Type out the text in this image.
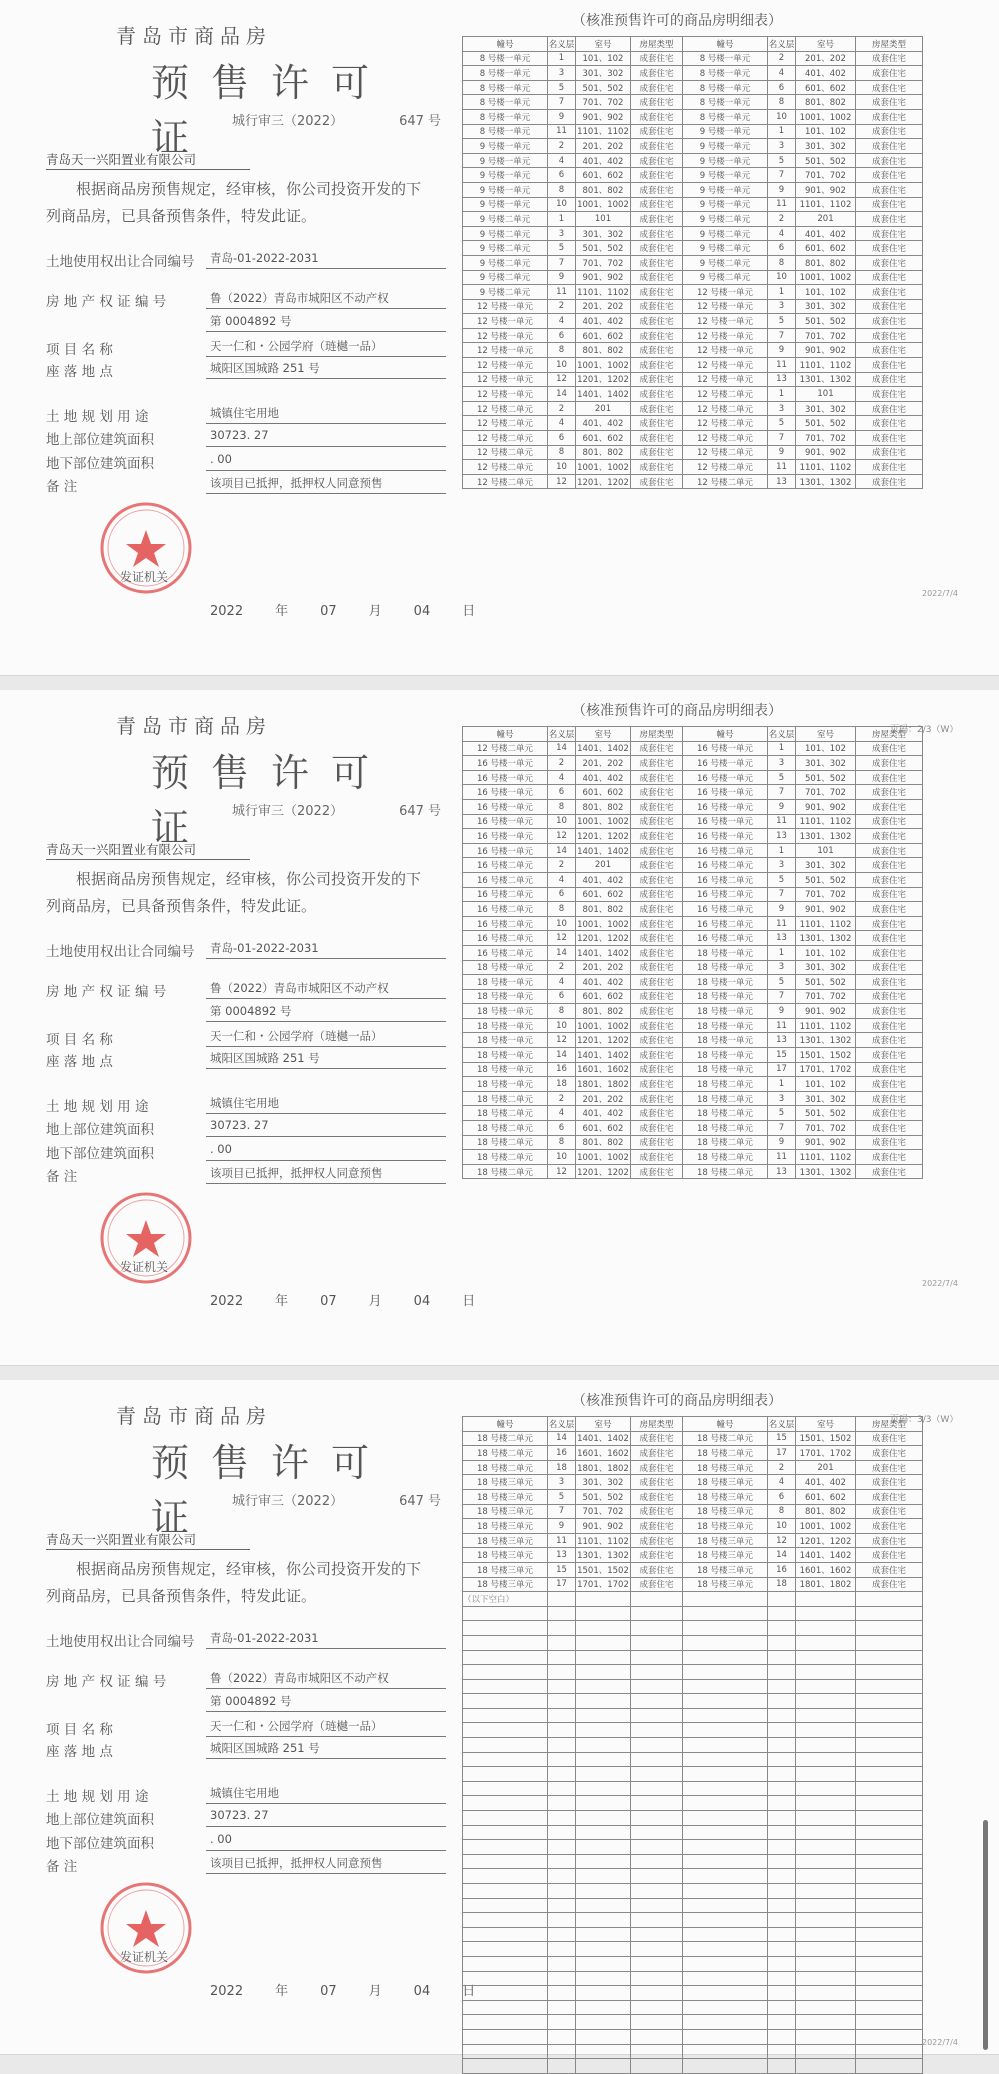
青岛市商品房
预售许可证	城行审三（2022）	647 号
青岛天一兴阳置业有限公司
根据商品房预售规定，经审核，你公司投资开发的下列商品房，已具备预售条件，特发此证。
土地使用权出让合同编号 青岛-01-2022-2031
房 地 产 权 证 编 号	鲁（2022）青岛市城阳区不动产权
第 0004892 号
项 目 名 称	天一仁和・公园学府（琏樾一品）
座 落 地 点	城阳区国城路 251 号
土 地 规 划 用 途	城镇住宅用地
地上部位建筑面积	30723. 27
地下部位建筑面积	. 00
备 注	该项目已抵押，抵押权人同意预售
发证机关
2022 年 07 月 04 日
（核准预售许可的商品房明细表）
幢号	名义层	室号	房屋类型	幢号	名义层	室号	房屋类型
8 号楼一单元	1	101、102	成套住宅	8 号楼一单元	2	201、202	成套住宅
8 号楼一单元	3	301、302	成套住宅	8 号楼一单元	4	401、402	成套住宅
8 号楼一单元	5	501、502	成套住宅	8 号楼一单元	6	601、602	成套住宅
8 号楼一单元	7	701、702	成套住宅	8 号楼一单元	8	801、802	成套住宅
8 号楼一单元	9	901、902	成套住宅	8 号楼一单元	10	1001、1002	成套住宅
8 号楼一单元	11	1101、1102	成套住宅	9 号楼一单元	1	101、102	成套住宅
9 号楼一单元	2	201、202	成套住宅	9 号楼一单元	3	301、302	成套住宅
9 号楼一单元	4	401、402	成套住宅	9 号楼一单元	5	501、502	成套住宅
9 号楼一单元	6	601、602	成套住宅	9 号楼一单元	7	701、702	成套住宅
9 号楼一单元	8	801、802	成套住宅	9 号楼一单元	9	901、902	成套住宅
9 号楼一单元	10	1001、1002	成套住宅	9 号楼一单元	11	1101、1102	成套住宅
9 号楼二单元	1	101	成套住宅	9 号楼二单元	2	201	成套住宅
9 号楼二单元	3	301、302	成套住宅	9 号楼二单元	4	401、402	成套住宅
9 号楼二单元	5	501、502	成套住宅	9 号楼二单元	6	601、602	成套住宅
9 号楼二单元	7	701、702	成套住宅	9 号楼二单元	8	801、802	成套住宅
9 号楼二单元	9	901、902	成套住宅	9 号楼二单元	10	1001、1002	成套住宅
9 号楼二单元	11	1101、1102	成套住宅	12 号楼一单元	1	101、102	成套住宅
12 号楼一单元	2	201、202	成套住宅	12 号楼一单元	3	301、302	成套住宅
12 号楼一单元	4	401、402	成套住宅	12 号楼一单元	5	501、502	成套住宅
12 号楼一单元	6	601、602	成套住宅	12 号楼一单元	7	701、702	成套住宅
12 号楼一单元	8	801、802	成套住宅	12 号楼一单元	9	901、902	成套住宅
12 号楼一单元	10	1001、1002	成套住宅	12 号楼一单元	11	1101、1102	成套住宅
12 号楼一单元	12	1201、1202	成套住宅	12 号楼一单元	13	1301、1302	成套住宅
12 号楼一单元	14	1401、1402	成套住宅	12 号楼二单元	1	101	成套住宅
12 号楼二单元	2	201	成套住宅	12 号楼二单元	3	301、302	成套住宅
12 号楼二单元	4	401、402	成套住宅	12 号楼二单元	5	501、502	成套住宅
12 号楼二单元	6	601、602	成套住宅	12 号楼二单元	7	701、702	成套住宅
12 号楼二单元	8	801、802	成套住宅	12 号楼二单元	9	901、902	成套住宅
12 号楼二单元	10	1001、1002	成套住宅	12 号楼二单元	11	1101、1102	成套住宅
12 号楼二单元	12	1201、1202	成套住宅	12 号楼二单元	13	1301、1302	成套住宅
2022/7/4
青岛市商品房
预售许可证	城行审三（2022）	647 号
青岛天一兴阳置业有限公司
根据商品房预售规定，经审核，你公司投资开发的下列商品房，已具备预售条件，特发此证。
土地使用权出让合同编号 青岛-01-2022-2031
房 地 产 权 证 编 号	鲁（2022）青岛市城阳区不动产权
第 0004892 号
项 目 名 称	天一仁和・公园学府（琏樾一品）
座 落 地 点	城阳区国城路 251 号
土 地 规 划 用 途	城镇住宅用地
地上部位建筑面积	30723. 27
地下部位建筑面积	. 00
备 注	该项目已抵押，抵押权人同意预售
发证机关
2022 年 07 月 04 日
（核准预售许可的商品房明细表）
页码：2/3（W）
幢号	名义层	室号	房屋类型	幢号	名义层	室号	房屋类型
12 号楼二单元	14	1401、1402	成套住宅	16 号楼一单元	1	101、102	成套住宅
16 号楼一单元	2	201、202	成套住宅	16 号楼一单元	3	301、302	成套住宅
16 号楼一单元	4	401、402	成套住宅	16 号楼一单元	5	501、502	成套住宅
16 号楼一单元	6	601、602	成套住宅	16 号楼一单元	7	701、702	成套住宅
16 号楼一单元	8	801、802	成套住宅	16 号楼一单元	9	901、902	成套住宅
16 号楼一单元	10	1001、1002	成套住宅	16 号楼一单元	11	1101、1102	成套住宅
16 号楼一单元	12	1201、1202	成套住宅	16 号楼一单元	13	1301、1302	成套住宅
16 号楼一单元	14	1401、1402	成套住宅	16 号楼二单元	1	101	成套住宅
16 号楼二单元	2	201	成套住宅	16 号楼二单元	3	301、302	成套住宅
16 号楼二单元	4	401、402	成套住宅	16 号楼二单元	5	501、502	成套住宅
16 号楼二单元	6	601、602	成套住宅	16 号楼二单元	7	701、702	成套住宅
16 号楼二单元	8	801、802	成套住宅	16 号楼二单元	9	901、902	成套住宅
16 号楼二单元	10	1001、1002	成套住宅	16 号楼二单元	11	1101、1102	成套住宅
16 号楼二单元	12	1201、1202	成套住宅	16 号楼二单元	13	1301、1302	成套住宅
16 号楼二单元	14	1401、1402	成套住宅	18 号楼一单元	1	101、102	成套住宅
18 号楼一单元	2	201、202	成套住宅	18 号楼一单元	3	301、302	成套住宅
18 号楼一单元	4	401、402	成套住宅	18 号楼一单元	5	501、502	成套住宅
18 号楼一单元	6	601、602	成套住宅	18 号楼一单元	7	701、702	成套住宅
18 号楼一单元	8	801、802	成套住宅	18 号楼一单元	9	901、902	成套住宅
18 号楼一单元	10	1001、1002	成套住宅	18 号楼一单元	11	1101、1102	成套住宅
18 号楼一单元	12	1201、1202	成套住宅	18 号楼一单元	13	1301、1302	成套住宅
18 号楼一单元	14	1401、1402	成套住宅	18 号楼一单元	15	1501、1502	成套住宅
18 号楼一单元	16	1601、1602	成套住宅	18 号楼一单元	17	1701、1702	成套住宅
18 号楼一单元	18	1801、1802	成套住宅	18 号楼二单元	1	101、102	成套住宅
18 号楼二单元	2	201、202	成套住宅	18 号楼二单元	3	301、302	成套住宅
18 号楼二单元	4	401、402	成套住宅	18 号楼二单元	5	501、502	成套住宅
18 号楼二单元	6	601、602	成套住宅	18 号楼二单元	7	701、702	成套住宅
18 号楼二单元	8	801、802	成套住宅	18 号楼二单元	9	901、902	成套住宅
18 号楼二单元	10	1001、1002	成套住宅	18 号楼二单元	11	1101、1102	成套住宅
18 号楼二单元	12	1201、1202	成套住宅	18 号楼二单元	13	1301、1302	成套住宅
2022/7/4
青岛市商品房
预售许可证	城行审三（2022）	647 号
青岛天一兴阳置业有限公司
根据商品房预售规定，经审核，你公司投资开发的下列商品房，已具备预售条件，特发此证。
土地使用权出让合同编号 青岛-01-2022-2031
房 地 产 权 证 编 号	鲁（2022）青岛市城阳区不动产权
第 0004892 号
项 目 名 称	天一仁和・公园学府（琏樾一品）
座 落 地 点	城阳区国城路 251 号
土 地 规 划 用 途	城镇住宅用地
地上部位建筑面积	30723. 27
地下部位建筑面积	. 00
备 注	该项目已抵押，抵押权人同意预售
发证机关
2022 年 07 月 04 日
（核准预售许可的商品房明细表）
页码：3/3（W）
幢号	名义层	室号	房屋类型	幢号	名义层	室号	房屋类型
18 号楼二单元	14	1401、1402	成套住宅	18 号楼二单元	15	1501、1502	成套住宅
18 号楼二单元	16	1601、1602	成套住宅	18 号楼二单元	17	1701、1702	成套住宅
18 号楼二单元	18	1801、1802	成套住宅	18 号楼三单元	2	201	成套住宅
18 号楼三单元	3	301、302	成套住宅	18 号楼三单元	4	401、402	成套住宅
18 号楼三单元	5	501、502	成套住宅	18 号楼三单元	6	601、602	成套住宅
18 号楼三单元	7	701、702	成套住宅	18 号楼三单元	8	801、802	成套住宅
18 号楼三单元	9	901、902	成套住宅	18 号楼三单元	10	1001、1002	成套住宅
18 号楼三单元	11	1101、1102	成套住宅	18 号楼三单元	12	1201、1202	成套住宅
18 号楼三单元	13	1301、1302	成套住宅	18 号楼三单元	14	1401、1402	成套住宅
18 号楼三单元	15	1501、1502	成套住宅	18 号楼三单元	16	1601、1602	成套住宅
18 号楼三单元	17	1701、1702	成套住宅	18 号楼三单元	18	1801、1802	成套住宅
（以下空白）							

2022/7/4
